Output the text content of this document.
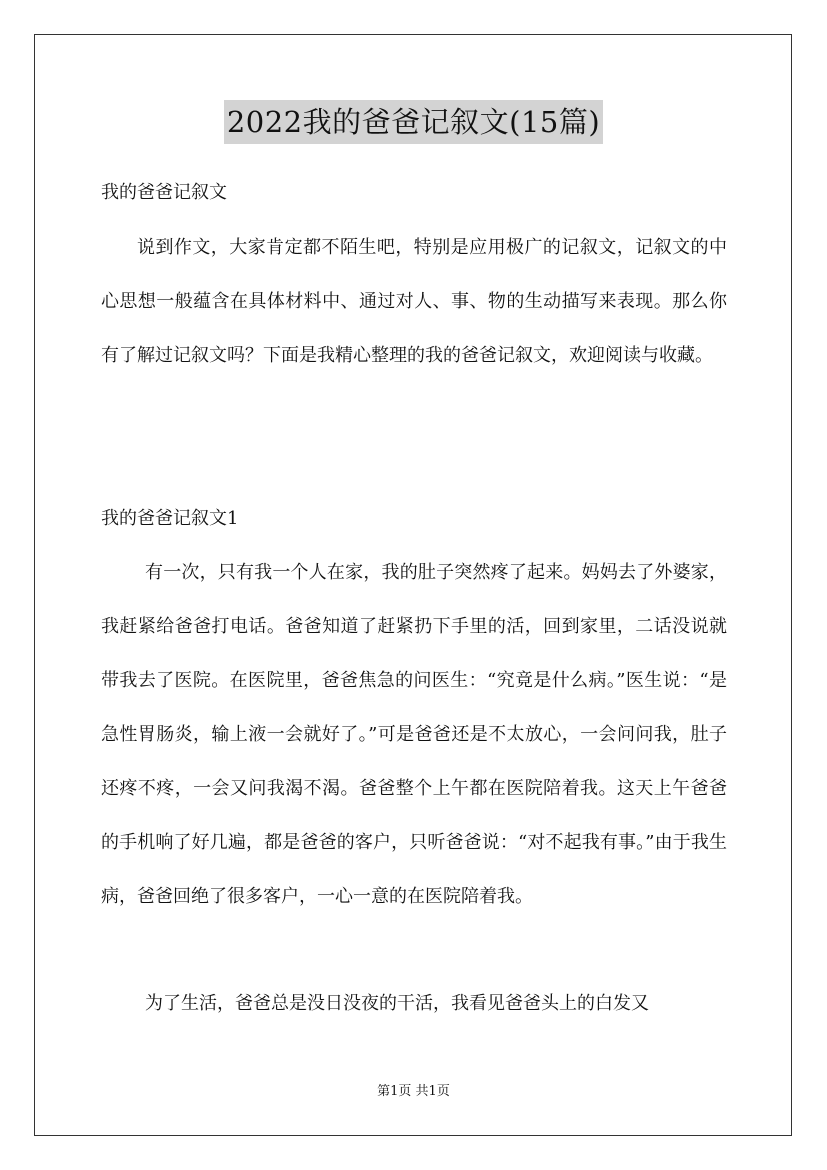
2022我的爸爸记叙文(15篇)
我的爸爸记叙文
说到作文，大家肯定都不陌生吧，特别是应用极广的记叙文，记叙文的中心思想一般蕴含在具体材料中、通过对人、事、物的生动描写来表现。那么你有了解过记叙文吗？下面是我精心整理的我的爸爸记叙文，欢迎阅读与收藏。
我的爸爸记叙文1
有一次，只有我一个人在家，我的肚子突然疼了起来。妈妈去了外婆家，我赶紧给爸爸打电话。爸爸知道了赶紧扔下手里的活，回到家里，二话没说就带我去了医院。在医院里，爸爸焦急的问医生：“究竟是什么病。”医生说：“是急性胃肠炎，输上液一会就好了。”可是爸爸还是不太放心，一会问问我，肚子还疼不疼，一会又问我渴不渴。爸爸整个上午都在医院陪着我。这天上午爸爸的手机响了好几遍，都是爸爸的客户，只听爸爸说：“对不起我有事。”由于我生病，爸爸回绝了很多客户，一心一意的在医院陪着我。
为了生活，爸爸总是没日没夜的干活，我看见爸爸头上的白发又
第1页 共1页
